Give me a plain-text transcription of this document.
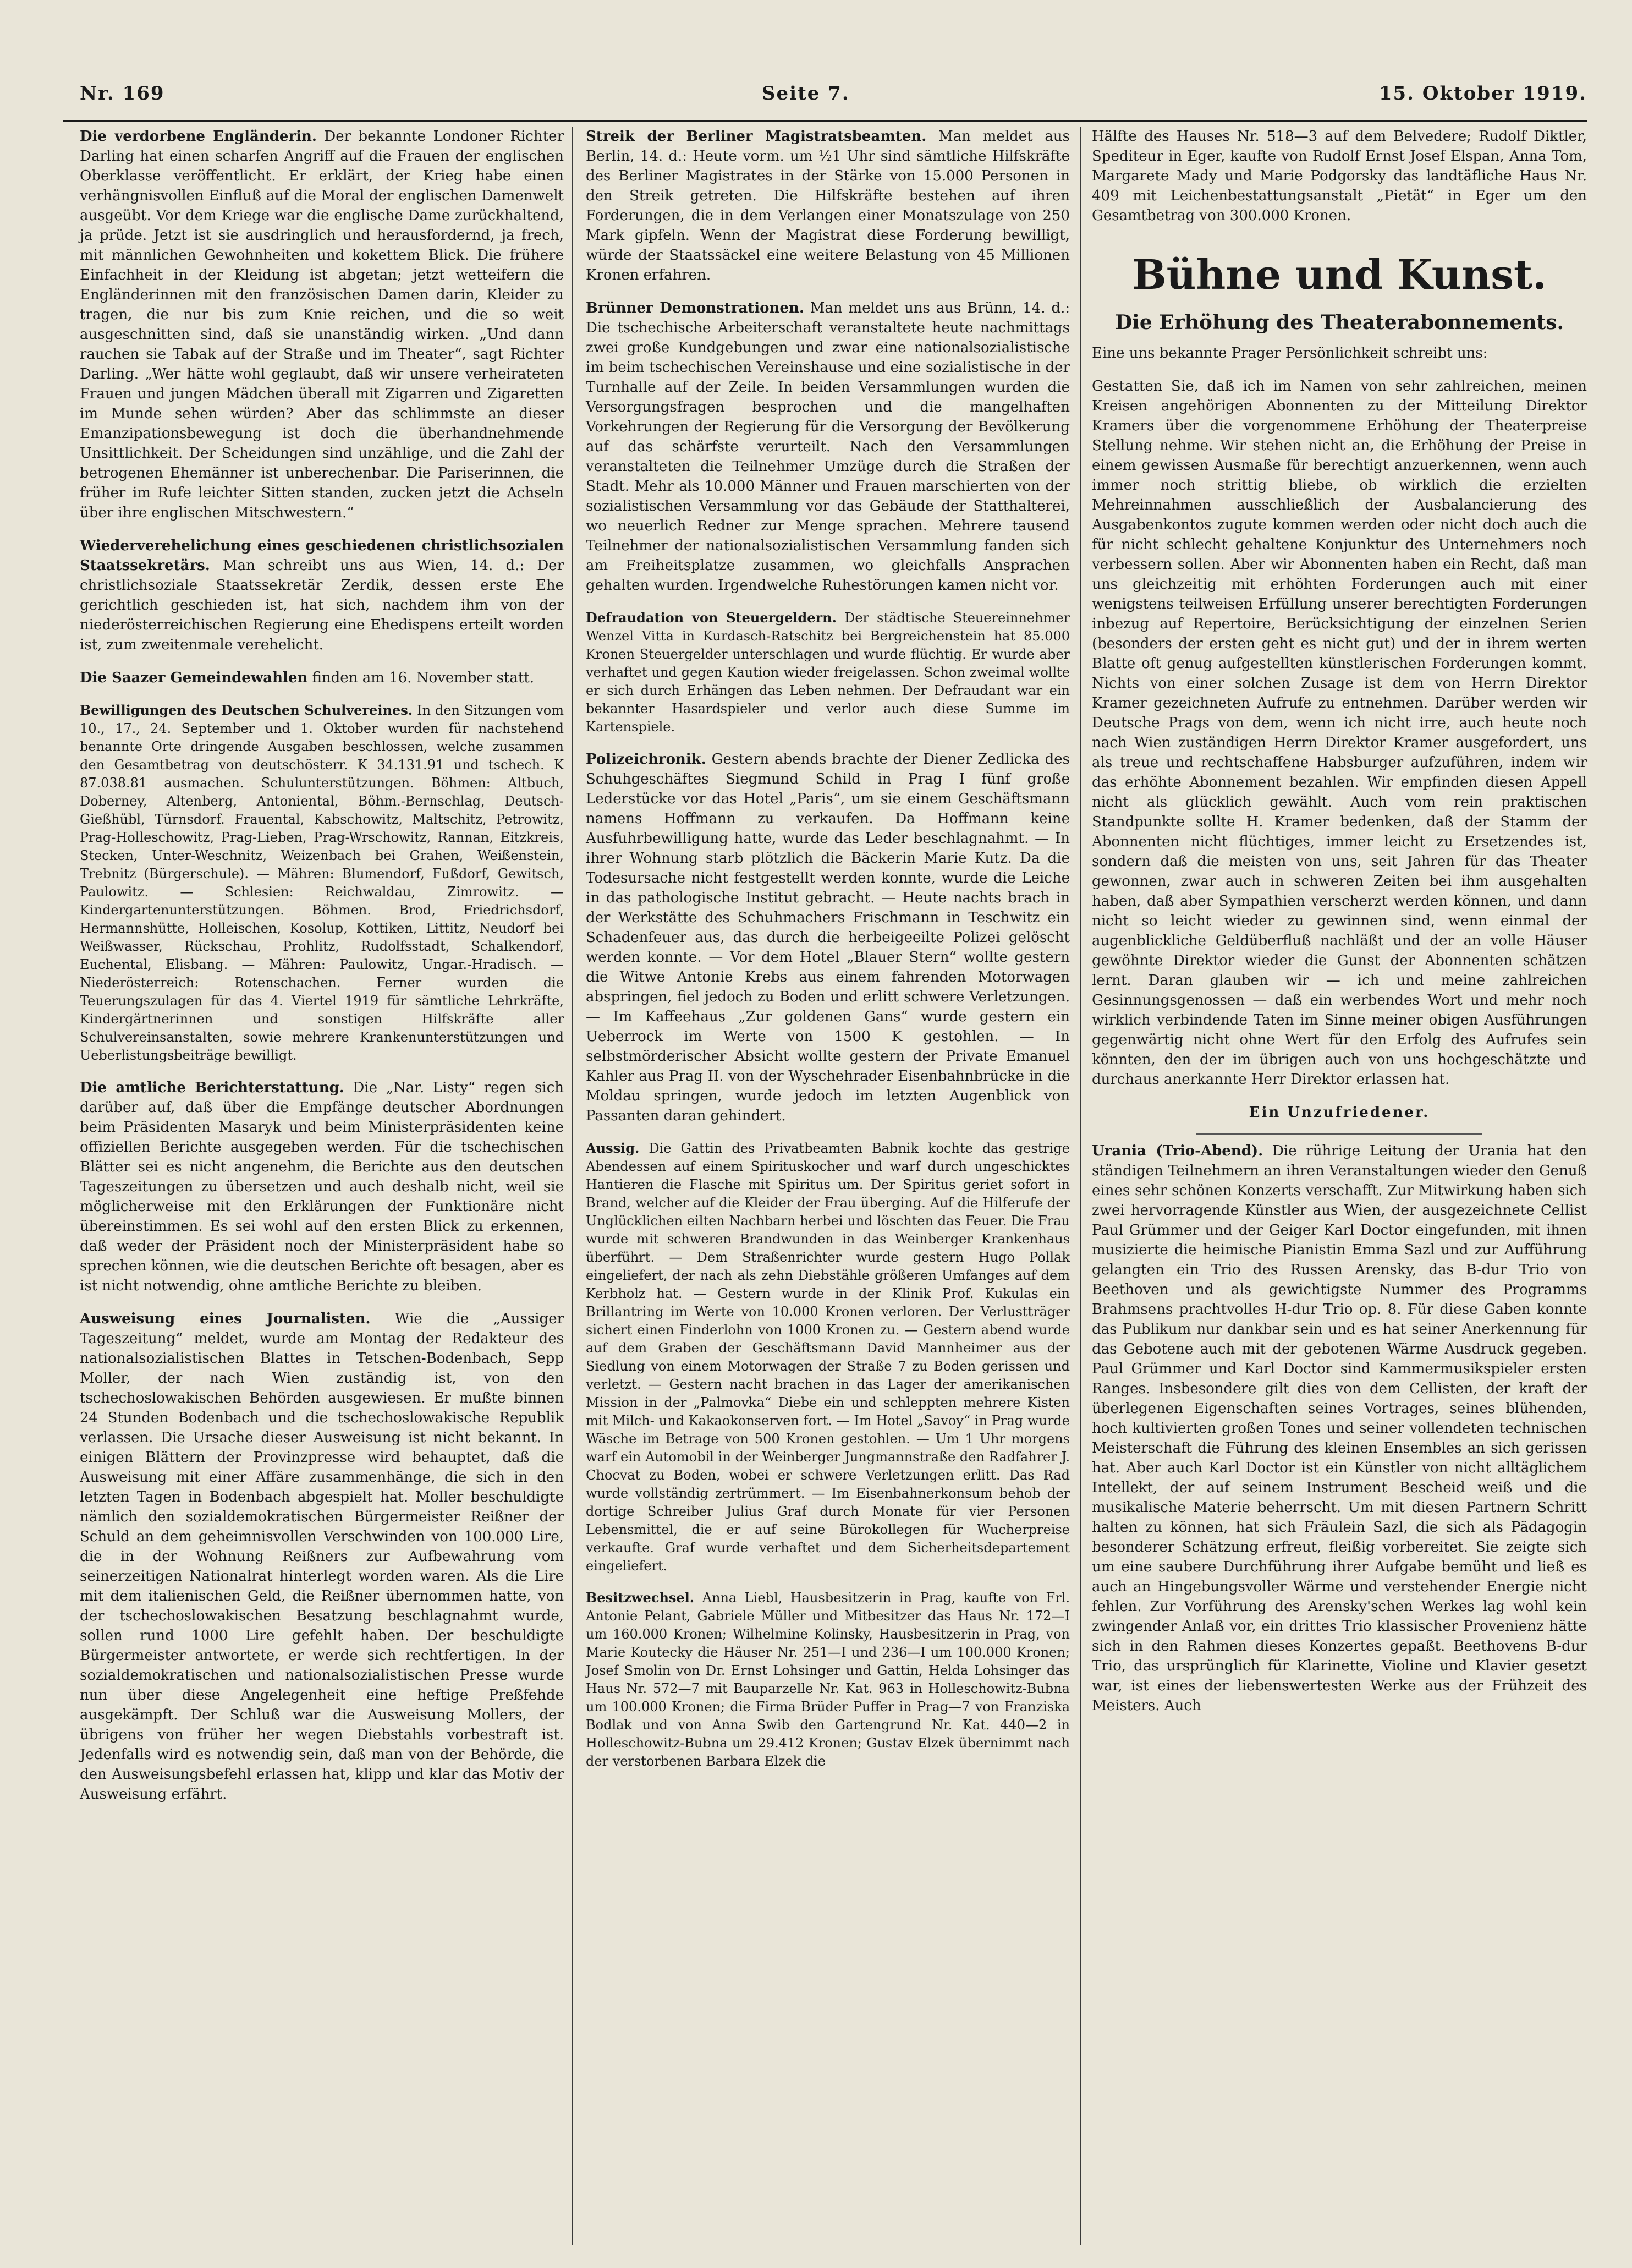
Nr. 169	Seite 7.	15. Oktober 1919.

Die verdorbene Engländerin. Der bekannte Londoner Richter Darling hat einen scharfen Angriff auf die Frauen der englischen Oberklasse veröffentlicht. Er erklärt, der Krieg habe einen verhängnisvollen Einfluß auf die Moral der englischen Damenwelt ausgeübt. Vor dem Kriege war die englische Dame zurückhaltend, ja prüde. Jetzt ist sie ausdringlich und herausfordernd, ja frech, mit männlichen Gewohnheiten und kokettem Blick. Die frühere Einfachheit in der Kleidung ist abgetan; jetzt wetteifern die Engländerinnen mit den französischen Damen darin, Kleider zu tragen, die nur bis zum Knie reichen, und die so weit ausgeschnitten sind, daß sie unanständig wirken. „Und dann rauchen sie Tabak auf der Straße und im Theater“, sagt Richter Darling. „Wer hätte wohl geglaubt, daß wir unsere verheirateten Frauen und jungen Mädchen überall mit Zigarren und Zigaretten im Munde sehen würden? Aber das schlimmste an dieser Emanzipationsbewegung ist doch die überhandnehmende Unsittlichkeit. Der Scheidungen sind unzählige, und die Zahl der betrogenen Ehemänner ist unberechenbar. Die Pariserinnen, die früher im Rufe leichter Sitten standen, zucken jetzt die Achseln über ihre englischen Mitschwestern.“

Wiederverehelichung eines geschiedenen christlichsozialen Staatssekretärs. Man schreibt uns aus Wien, 14. d.: Der christlichsoziale Staatssekretär Zerdik, dessen erste Ehe gerichtlich geschieden ist, hat sich, nachdem ihm von der niederösterreichischen Regierung eine Ehedispens erteilt worden ist, zum zweitenmale verehelicht.

Die Saazer Gemeindewahlen finden am 16. November statt.

Bewilligungen des Deutschen Schulvereines. In den Sitzungen vom 10., 17., 24. September und 1. Oktober wurden für nachstehend benannte Orte dringende Ausgaben beschlossen, welche zusammen den Gesamtbetrag von deutschösterr. K 34.131.91 und tschech. K 87.038.81 ausmachen. Schulunterstützungen. Böhmen: Altbuch, Doberney, Altenberg, Antoniental, Böhm.-Bernschlag, Deutsch-Gießhübl, Türnsdorf. Frauental, Kabschowitz, Maltschitz, Petrowitz, Prag-Holleschowitz, Prag-Lieben, Prag-Wrschowitz, Rannan, Eitzkreis, Stecken, Unter-Weschnitz, Weizenbach bei Grahen, Weißenstein, Trebnitz (Bürgerschule). — Mähren: Blumendorf, Fußdorf, Gewitsch, Paulowitz. — Schlesien: Reichwaldau, Zimrowitz. — Kindergartenunterstützungen. Böhmen. Brod, Friedrichsdorf, Hermannshütte, Holleischen, Kosolup, Kottiken, Littitz, Neudorf bei Weißwasser, Rückschau, Prohlitz, Rudolfsstadt, Schalkendorf, Euchental, Elisbang. — Mähren: Paulowitz, Ungar.-Hradisch. — Niederösterreich: Rotenschachen. Ferner wurden die Teuerungszulagen für das 4. Viertel 1919 für sämtliche Lehrkräfte, Kindergärtnerinnen und sonstigen Hilfskräfte aller Schulvereinsanstalten, sowie mehrere Krankenunterstützungen und Ueberlistungsbeiträge bewilligt.

Die amtliche Berichterstattung. Die „Nar. Listy“ regen sich darüber auf, daß über die Empfänge deutscher Abordnungen beim Präsidenten Masaryk und beim Ministerpräsidenten keine offiziellen Berichte ausgegeben werden. Für die tschechischen Blätter sei es nicht angenehm, die Berichte aus den deutschen Tageszeitungen zu übersetzen und auch deshalb nicht, weil sie möglicherweise mit den Erklärungen der Funktionäre nicht übereinstimmen. Es sei wohl auf den ersten Blick zu erkennen, daß weder der Präsident noch der Ministerpräsident habe so sprechen können, wie die deutschen Berichte oft besagen, aber es ist nicht notwendig, ohne amtliche Berichte zu bleiben.

Ausweisung eines Journalisten. Wie die „Aussiger Tageszeitung“ meldet, wurde am Montag der Redakteur des nationalsozialistischen Blattes in Tetschen-Bodenbach, Sepp Moller, der nach Wien zuständig ist, von den tschechoslowakischen Behörden ausgewiesen. Er mußte binnen 24 Stunden Bodenbach und die tschechoslowakische Republik verlassen. Die Ursache dieser Ausweisung ist nicht bekannt. In einigen Blättern der Provinzpresse wird behauptet, daß die Ausweisung mit einer Affäre zusammenhänge, die sich in den letzten Tagen in Bodenbach abgespielt hat. Moller beschuldigte nämlich den sozialdemokratischen Bürgermeister Reißner der Schuld an dem geheimnisvollen Verschwinden von 100.000 Lire, die in der Wohnung Reißners zur Aufbewahrung vom seinerzeitigen Nationalrat hinterlegt worden waren. Als die Lire mit dem italienischen Geld, die Reißner übernommen hatte, von der tschechoslowakischen Besatzung beschlagnahmt wurde, sollen rund 1000 Lire gefehlt haben. Der beschuldigte Bürgermeister antwortete, er werde sich rechtfertigen. In der sozialdemokratischen und nationalsozialistischen Presse wurde nun über diese Angelegenheit eine heftige Preßfehde ausgekämpft. Der Schluß war die Ausweisung Mollers, der übrigens von früher her wegen Diebstahls vorbestraft ist. Jedenfalls wird es notwendig sein, daß man von der Behörde, die den Ausweisungsbefehl erlassen hat, klipp und klar das Motiv der Ausweisung erfährt.

Streik der Berliner Magistratsbeamten. Man meldet aus Berlin, 14. d.: Heute vorm. um ½1 Uhr sind sämtliche Hilfskräfte des Berliner Magistrates in der Stärke von 15.000 Personen in den Streik getreten. Die Hilfskräfte bestehen auf ihren Forderungen, die in dem Verlangen einer Monatszulage von 250 Mark gipfeln. Wenn der Magistrat diese Forderung bewilligt, würde der Staatssäckel eine weitere Belastung von 45 Millionen Kronen erfahren.

Brünner Demonstrationen. Man meldet uns aus Brünn, 14. d.: Die tschechische Arbeiterschaft veranstaltete heute nachmittags zwei große Kundgebungen und zwar eine nationalsozialistische im beim tschechischen Vereinshause und eine sozialistische in der Turnhalle auf der Zeile. In beiden Versammlungen wurden die Versorgungsfragen besprochen und die mangelhaften Vorkehrungen der Regierung für die Versorgung der Bevölkerung auf das schärfste verurteilt. Nach den Versammlungen veranstalteten die Teilnehmer Umzüge durch die Straßen der Stadt. Mehr als 10.000 Männer und Frauen marschierten von der sozialistischen Versammlung vor das Gebäude der Statthalterei, wo neuerlich Redner zur Menge sprachen. Mehrere tausend Teilnehmer der nationalsozialistischen Versammlung fanden sich am Freiheitsplatze zusammen, wo gleichfalls Ansprachen gehalten wurden. Irgendwelche Ruhestörungen kamen nicht vor.

Defraudation von Steuergeldern. Der städtische Steuereinnehmer Wenzel Vitta in Kurdasch-Ratschitz bei Bergreichenstein hat 85.000 Kronen Steuergelder unterschlagen und wurde flüchtig. Er wurde aber verhaftet und gegen Kaution wieder freigelassen. Schon zweimal wollte er sich durch Erhängen das Leben nehmen. Der Defraudant war ein bekannter Hasardspieler und verlor auch diese Summe im Kartenspiele.

Polizeichronik. Gestern abends brachte der Diener Zedlicka des Schuhgeschäftes Siegmund Schild in Prag I fünf große Lederstücke vor das Hotel „Paris“, um sie einem Geschäftsmann namens Hoffmann zu verkaufen. Da Hoffmann keine Ausfuhrbewilligung hatte, wurde das Leder beschlagnahmt. — In ihrer Wohnung starb plötzlich die Bäckerin Marie Kutz. Da die Todesursache nicht festgestellt werden konnte, wurde die Leiche in das pathologische Institut gebracht. — Heute nachts brach in der Werkstätte des Schuhmachers Frischmann in Teschwitz ein Schadenfeuer aus, das durch die herbeigeeilte Polizei gelöscht werden konnte. — Vor dem Hotel „Blauer Stern“ wollte gestern die Witwe Antonie Krebs aus einem fahrenden Motorwagen abspringen, fiel jedoch zu Boden und erlitt schwere Verletzungen. — Im Kaffeehaus „Zur goldenen Gans“ wurde gestern ein Ueberrock im Werte von 1500 K gestohlen. — In selbstmörderischer Absicht wollte gestern der Private Emanuel Kahler aus Prag II. von der Wyschehrader Eisenbahnbrücke in die Moldau springen, wurde jedoch im letzten Augenblick von Passanten daran gehindert.

Aussig. Die Gattin des Privatbeamten Babnik kochte das gestrige Abendessen auf einem Spirituskocher und warf durch ungeschicktes Hantieren die Flasche mit Spiritus um. Der Spiritus geriet sofort in Brand, welcher auf die Kleider der Frau überging. Auf die Hilferufe der Unglücklichen eilten Nachbarn herbei und löschten das Feuer. Die Frau wurde mit schweren Brandwunden in das Weinberger Krankenhaus überführt. — Dem Straßenrichter wurde gestern Hugo Pollak eingeliefert, der nach als zehn Diebstähle größeren Umfanges auf dem Kerbholz hat. — Gestern wurde in der Klinik Prof. Kukulas ein Brillantring im Werte von 10.000 Kronen verloren. Der Verlustträger sichert einen Finderlohn von 1000 Kronen zu. — Gestern abend wurde auf dem Graben der Geschäftsmann David Mannheimer aus der Siedlung von einem Motorwagen der Straße 7 zu Boden gerissen und verletzt. — Gestern nacht brachen in das Lager der amerikanischen Mission in der „Palmovka“ Diebe ein und schleppten mehrere Kisten mit Milch- und Kakaokonserven fort. — Im Hotel „Savoy“ in Prag wurde Wäsche im Betrage von 500 Kronen gestohlen. — Um 1 Uhr morgens warf ein Automobil in der Weinberger Jungmannstraße den Radfahrer J. Chocvat zu Boden, wobei er schwere Verletzungen erlitt. Das Rad wurde vollständig zertrümmert. — Im Eisenbahnerkonsum behob der dortige Schreiber Julius Graf durch Monate für vier Personen Lebensmittel, die er auf seine Bürokollegen für Wucherpreise verkaufte. Graf wurde verhaftet und dem Sicherheitsdepartement eingeliefert.

Besitzwechsel. Anna Liebl, Hausbesitzerin in Prag, kaufte von Frl. Antonie Pelant, Gabriele Müller und Mitbesitzer das Haus Nr. 172—I um 160.000 Kronen; Wilhelmine Kolinsky, Hausbesitzerin in Prag, von Marie Koutecky die Häuser Nr. 251—I und 236—I um 100.000 Kronen; Josef Smolin von Dr. Ernst Lohsinger und Gattin, Helda Lohsinger das Haus Nr. 572—7 mit Bauparzelle Nr. Kat. 963 in Holleschowitz-Bubna um 100.000 Kronen; die Firma Brüder Puffer in Prag—7 von Franziska Bodlak und von Anna Swib den Gartengrund Nr. Kat. 440—2 in Holleschowitz-Bubna um 29.412 Kronen; Gustav Elzek übernimmt nach der verstorbenen Barbara Elzek die

Hälfte des Hauses Nr. 518—3 auf dem Belvedere; Rudolf Diktler, Spediteur in Eger, kaufte von Rudolf Ernst Josef Elspan, Anna Tom, Margarete Mady und Marie Podgorsky das landtäfliche Haus Nr. 409 mit Leichenbestattungsanstalt „Pietät“ in Eger um den Gesamtbetrag von 300.000 Kronen.

Bühne und Kunst.
Die Erhöhung des Theaterabonnements.

Eine uns bekannte Prager Persönlichkeit schreibt uns:

Gestatten Sie, daß ich im Namen von sehr zahlreichen, meinen Kreisen angehörigen Abonnenten zu der Mitteilung Direktor Kramers über die vorgenommene Erhöhung der Theaterpreise Stellung nehme. Wir stehen nicht an, die Erhöhung der Preise in einem gewissen Ausmaße für berechtigt anzuerkennen, wenn auch immer noch strittig bliebe, ob wirklich die erzielten Mehreinnahmen ausschließlich der Ausbalancierung des Ausgabenkontos zugute kommen werden oder nicht doch auch die für nicht schlecht gehaltene Konjunktur des Unternehmers noch verbessern sollen. Aber wir Abonnenten haben ein Recht, daß man uns gleichzeitig mit erhöhten Forderungen auch mit einer wenigstens teilweisen Erfüllung unserer berechtigten Forderungen inbezug auf Repertoire, Berücksichtigung der einzelnen Serien (besonders der ersten geht es nicht gut) und der in ihrem werten Blatte oft genug aufgestellten künstlerischen Forderungen kommt. Nichts von einer solchen Zusage ist dem von Herrn Direktor Kramer gezeichneten Aufrufe zu entnehmen. Darüber werden wir Deutsche Prags von dem, wenn ich nicht irre, auch heute noch nach Wien zuständigen Herrn Direktor Kramer ausgefordert, uns als treue und rechtschaffene Habsburger aufzuführen, indem wir das erhöhte Abonnement bezahlen. Wir empfinden diesen Appell nicht als glücklich gewählt. Auch vom rein praktischen Standpunkte sollte H. Kramer bedenken, daß der Stamm der Abonnenten nicht flüchtiges, immer leicht zu Ersetzendes ist, sondern daß die meisten von uns, seit Jahren für das Theater gewonnen, zwar auch in schweren Zeiten bei ihm ausgehalten haben, daß aber Sympathien verscherzt werden können, und dann nicht so leicht wieder zu gewinnen sind, wenn einmal der augenblickliche Geldüberfluß nachläßt und der an volle Häuser gewöhnte Direktor wieder die Gunst der Abonnenten schätzen lernt. Daran glauben wir — ich und meine zahlreichen Gesinnungsgenossen — daß ein werbendes Wort und mehr noch wirklich verbindende Taten im Sinne meiner obigen Ausführungen gegenwärtig nicht ohne Wert für den Erfolg des Aufrufes sein könnten, den der im übrigen auch von uns hochgeschätzte und durchaus anerkannte Herr Direktor erlassen hat.

Ein Unzufriedener.

Urania (Trio-Abend). Die rührige Leitung der Urania hat den ständigen Teilnehmern an ihren Veranstaltungen wieder den Genuß eines sehr schönen Konzerts verschafft. Zur Mitwirkung haben sich zwei hervorragende Künstler aus Wien, der ausgezeichnete Cellist Paul Grümmer und der Geiger Karl Doctor eingefunden, mit ihnen musizierte die heimische Pianistin Emma Sazl und zur Aufführung gelangten ein Trio des Russen Arensky, das B-dur Trio von Beethoven und als gewichtigste Nummer des Programms Brahmsens prachtvolles H-dur Trio op. 8. Für diese Gaben konnte das Publikum nur dankbar sein und es hat seiner Anerkennung für das Gebotene auch mit der gebotenen Wärme Ausdruck gegeben. Paul Grümmer und Karl Doctor sind Kammermusikspieler ersten Ranges. Insbesondere gilt dies von dem Cellisten, der kraft der überlegenen Eigenschaften seines Vortrages, seines blühenden, hoch kultivierten großen Tones und seiner vollendeten technischen Meisterschaft die Führung des kleinen Ensembles an sich gerissen hat. Aber auch Karl Doctor ist ein Künstler von nicht alltäglichem Intellekt, der auf seinem Instrument Bescheid weiß und die musikalische Materie beherrscht. Um mit diesen Partnern Schritt halten zu können, hat sich Fräulein Sazl, die sich als Pädagogin besonderer Schätzung erfreut, fleißig vorbereitet. Sie zeigte sich um eine saubere Durchführung ihrer Aufgabe bemüht und ließ es auch an Hingebungsvoller Wärme und verstehender Energie nicht fehlen. Zur Vorführung des Arensky'schen Werkes lag wohl kein zwingender Anlaß vor, ein drittes Trio klassischer Provenienz hätte sich in den Rahmen dieses Konzertes gepaßt. Beethovens B-dur Trio, das ursprünglich für Klarinette, Violine und Klavier gesetzt war, ist eines der liebenswertesten Werke aus der Frühzeit des Meisters. Auch
